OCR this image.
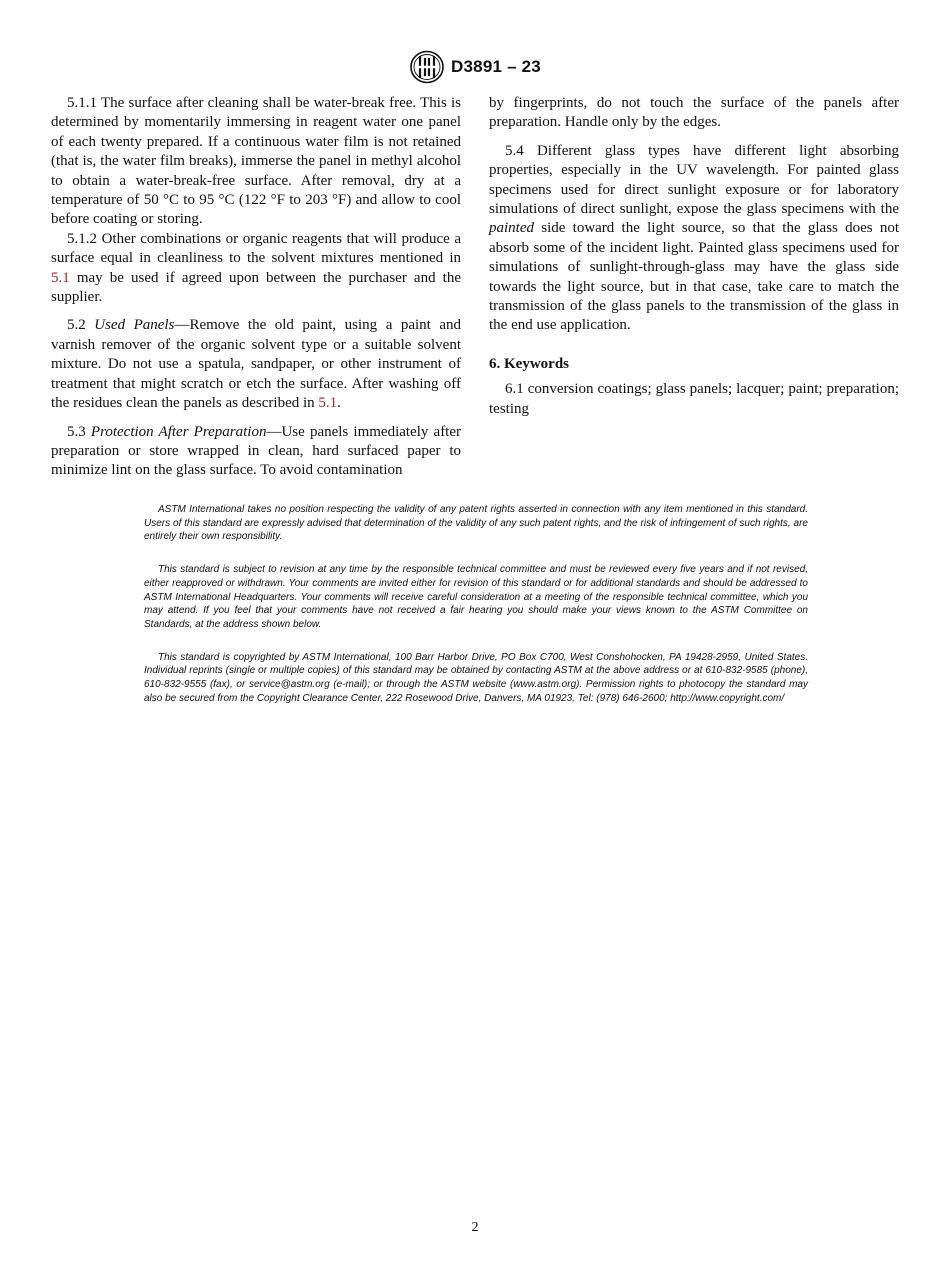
D3891 – 23

5.1.1 The surface after cleaning shall be water-break free. This is determined by momentarily immersing in reagent water one panel of each twenty prepared. If a continuous water film is not retained (that is, the water film breaks), immerse the panel in methyl alcohol to obtain a water-break-free surface. After removal, dry at a temperature of 50 °C to 95 °C (122 °F to 203 °F) and allow to cool before coating or storing.

5.1.2 Other combinations or organic reagents that will produce a surface equal in cleanliness to the solvent mixtures mentioned in 5.1 may be used if agreed upon between the purchaser and the supplier.

5.2 Used Panels—Remove the old paint, using a paint and varnish remover of the organic solvent type or a suitable solvent mixture. Do not use a spatula, sandpaper, or other instrument of treatment that might scratch or etch the surface. After washing off the residues clean the panels as described in 5.1.

5.3 Protection After Preparation—Use panels immediately after preparation or store wrapped in clean, hard surfaced paper to minimize lint on the glass surface. To avoid contamination

by fingerprints, do not touch the surface of the panels after preparation. Handle only by the edges.

5.4 Different glass types have different light absorbing properties, especially in the UV wavelength. For painted glass specimens used for direct sunlight exposure or for laboratory simulations of direct sunlight, expose the glass specimens with the painted side toward the light source, so that the glass does not absorb some of the incident light. Painted glass specimens used for simulations of sunlight-through-glass may have the glass side towards the light source, but in that case, take care to match the transmission of the glass panels to the transmission of the glass in the end use application.

6. Keywords

6.1 conversion coatings; glass panels; lacquer; paint; preparation; testing

ASTM International takes no position respecting the validity of any patent rights asserted in connection with any item mentioned in this standard. Users of this standard are expressly advised that determination of the validity of any such patent rights, and the risk of infringement of such rights, are entirely their own responsibility.

This standard is subject to revision at any time by the responsible technical committee and must be reviewed every five years and if not revised, either reapproved or withdrawn. Your comments are invited either for revision of this standard or for additional standards and should be addressed to ASTM International Headquarters. Your comments will receive careful consideration at a meeting of the responsible technical committee, which you may attend. If you feel that your comments have not received a fair hearing you should make your views known to the ASTM Committee on Standards, at the address shown below.

This standard is copyrighted by ASTM International, 100 Barr Harbor Drive, PO Box C700, West Conshohocken, PA 19428-2959, United States. Individual reprints (single or multiple copies) of this standard may be obtained by contacting ASTM at the above address or at 610-832-9585 (phone), 610-832-9555 (fax), or service@astm.org (e-mail); or through the ASTM website (www.astm.org). Permission rights to photocopy the standard may also be secured from the Copyright Clearance Center, 222 Rosewood Drive, Danvers, MA 01923, Tel: (978) 646-2600; http://www.copyright.com/

2
